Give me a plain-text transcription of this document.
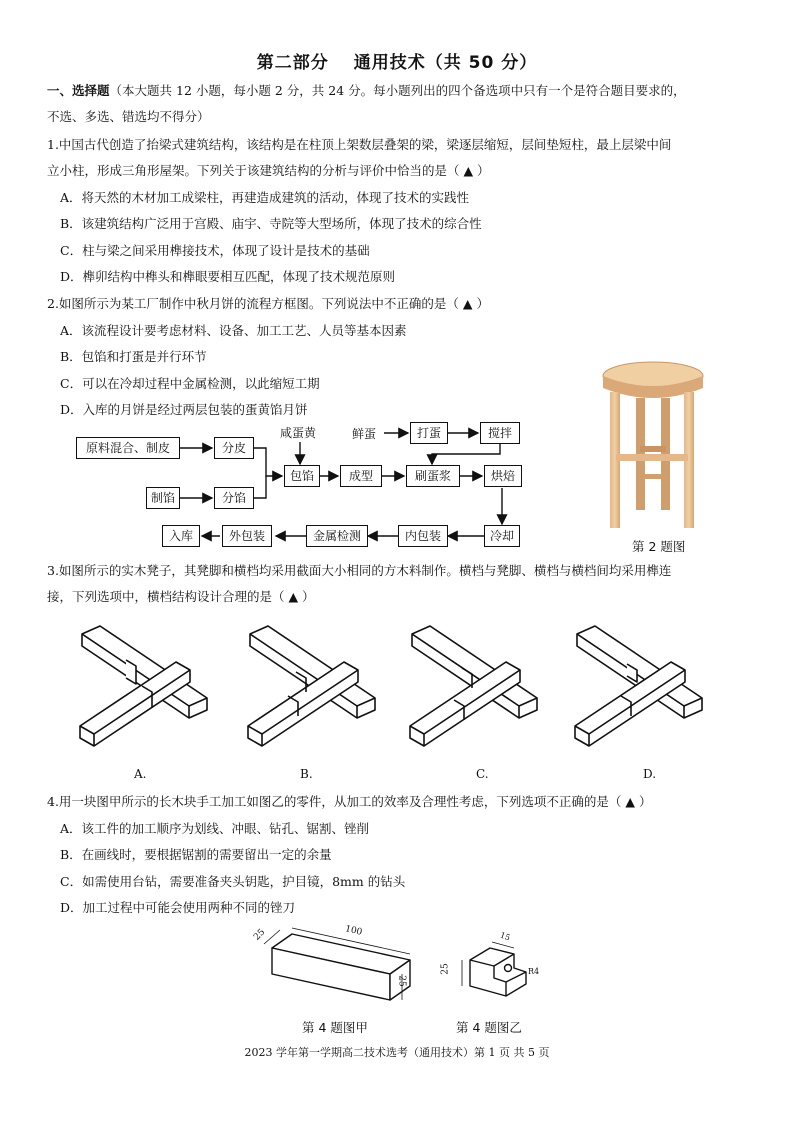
第二部分　 通用技术（共 50 分）
一、选择题（本大题共 12 小题，每小题 2 分，共 24 分。每小题列出的四个备选项中只有一个是符合题目要求的，
不选、多选、错选均不得分）
1.中国古代创造了抬梁式建筑结构，该结构是在柱顶上架数层叠架的梁，梁逐层缩短，层间垫短柱，最上层梁中间
立小柱，形成三角形屋架。下列关于该建筑结构的分析与评价中恰当的是（ ▲ ）
A．将天然的木材加工成梁柱，再建造成建筑的活动，体现了技术的实践性
B．该建筑结构广泛用于宫殿、庙宇、寺院等大型场所，体现了技术的综合性
C．柱与梁之间采用榫接技术，体现了设计是技术的基础
D．榫卯结构中榫头和榫眼要相互匹配，体现了技术规范原则
2.如图所示为某工厂制作中秋月饼的流程方框图。下列说法中不正确的是（ ▲ ）
A．该流程设计要考虑材料、设备、加工工艺、人员等基本因素
B．包馅和打蛋是并行环节
C．可以在冷却过程中金属检测，以此缩短工期
D．入库的月饼是经过两层包装的蛋黄馅月饼
原料混合、制皮	分皮
咸蛋黄	鲜蛋	打蛋	搅拌
包馅	成型	刷蛋浆	烘焙
制馅	分馅
冷却
内包装
金属检测
外包装
入库
第 2 题图
3.如图所示的实木凳子，其凳脚和横档均采用截面大小相同的方木料制作。横档与凳脚、横档与横档间均采用榫连
接，下列选项中，横档结构设计合理的是（ ▲ ）
A.	B.	C.	D.
4.用一块图甲所示的长木块手工加工如图乙的零件，从加工的效率及合理性考虑，下列选项不正确的是（ ▲ ）
A．该工件的加工顺序为划线、冲眼、钻孔、锯割、锉削
B．在画线时，要根据锯割的需要留出一定的余量
C．如需使用台钻，需要准备夹头钥匙，护目镜，8mm 的钻头
D．加工过程中可能会使用两种不同的锉刀
100
25
25
第 4 题图甲
15
25	R4
第 4 题图乙
2023 学年第一学期高二技术选考（通用技术）第 1 页 共 5 页
